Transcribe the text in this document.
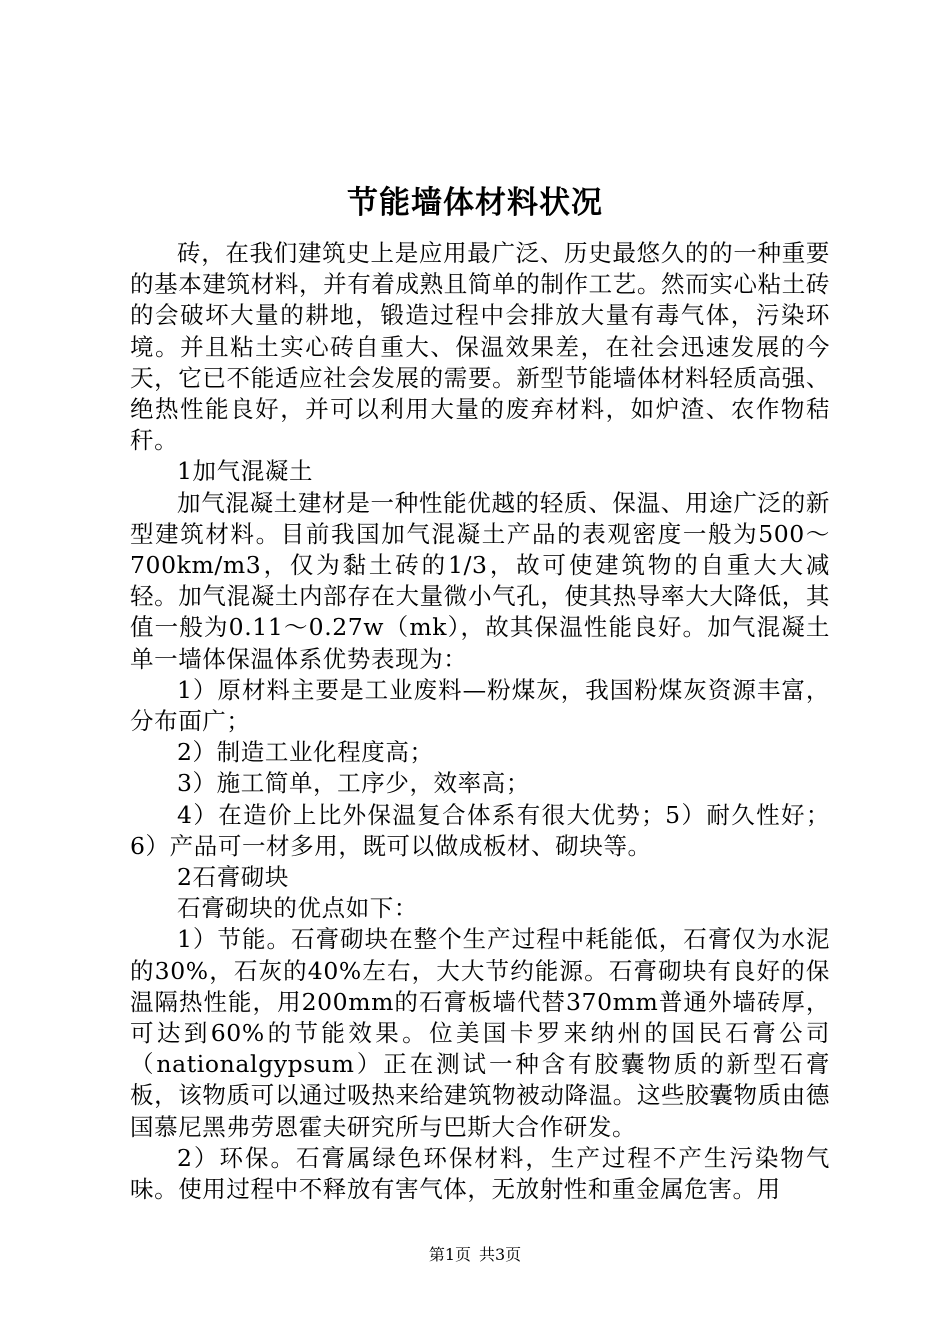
节能墙体材料状况

砖，在我们建筑史上是应用最广泛、历史最悠久的的一种重要的基本建筑材料，并有着成熟且简单的制作工艺。然而实心粘土砖的会破坏大量的耕地，锻造过程中会排放大量有毒气体，污染环境。并且粘土实心砖自重大、保温效果差，在社会迅速发展的今天，它已不能适应社会发展的需要。新型节能墙体材料轻质高强、绝热性能良好，并可以利用大量的废弃材料，如炉渣、农作物秸秆。

1加气混凝土

加气混凝土建材是一种性能优越的轻质、保温、用途广泛的新型建筑材料。目前我国加气混凝土产品的表观密度一般为500～700km/m3，仅为黏土砖的1/3，故可使建筑物的自重大大减轻。加气混凝土内部存在大量微小气孔，使其热导率大大降低，其值一般为0.11～0.27w（mk），故其保温性能良好。加气混凝土单一墙体保温体系优势表现为：

1）原材料主要是工业废料—粉煤灰，我国粉煤灰资源丰富，分布面广；

2）制造工业化程度高；

3）施工简单，工序少，效率高；

4）在造价上比外保温复合体系有很大优势；5）耐久性好；6）产品可一材多用，既可以做成板材、砌块等。

2石膏砌块

石膏砌块的优点如下：

1）节能。石膏砌块在整个生产过程中耗能低，石膏仅为水泥的30%，石灰的40%左右，大大节约能源。石膏砌块有良好的保温隔热性能，用200mm的石膏板墙代替370mm普通外墙砖厚，可达到60%的节能效果。位美国卡罗来纳州的国民石膏公司（nationalgypsum）正在测试一种含有胶囊物质的新型石膏板，该物质可以通过吸热来给建筑物被动降温。这些胶囊物质由德国慕尼黑弗劳恩霍夫研究所与巴斯大合作研发。

2）环保。石膏属绿色环保材料，生产过程不产生污染物气味。使用过程中不释放有害气体，无放射性和重金属危害。用

第1页 共3页
